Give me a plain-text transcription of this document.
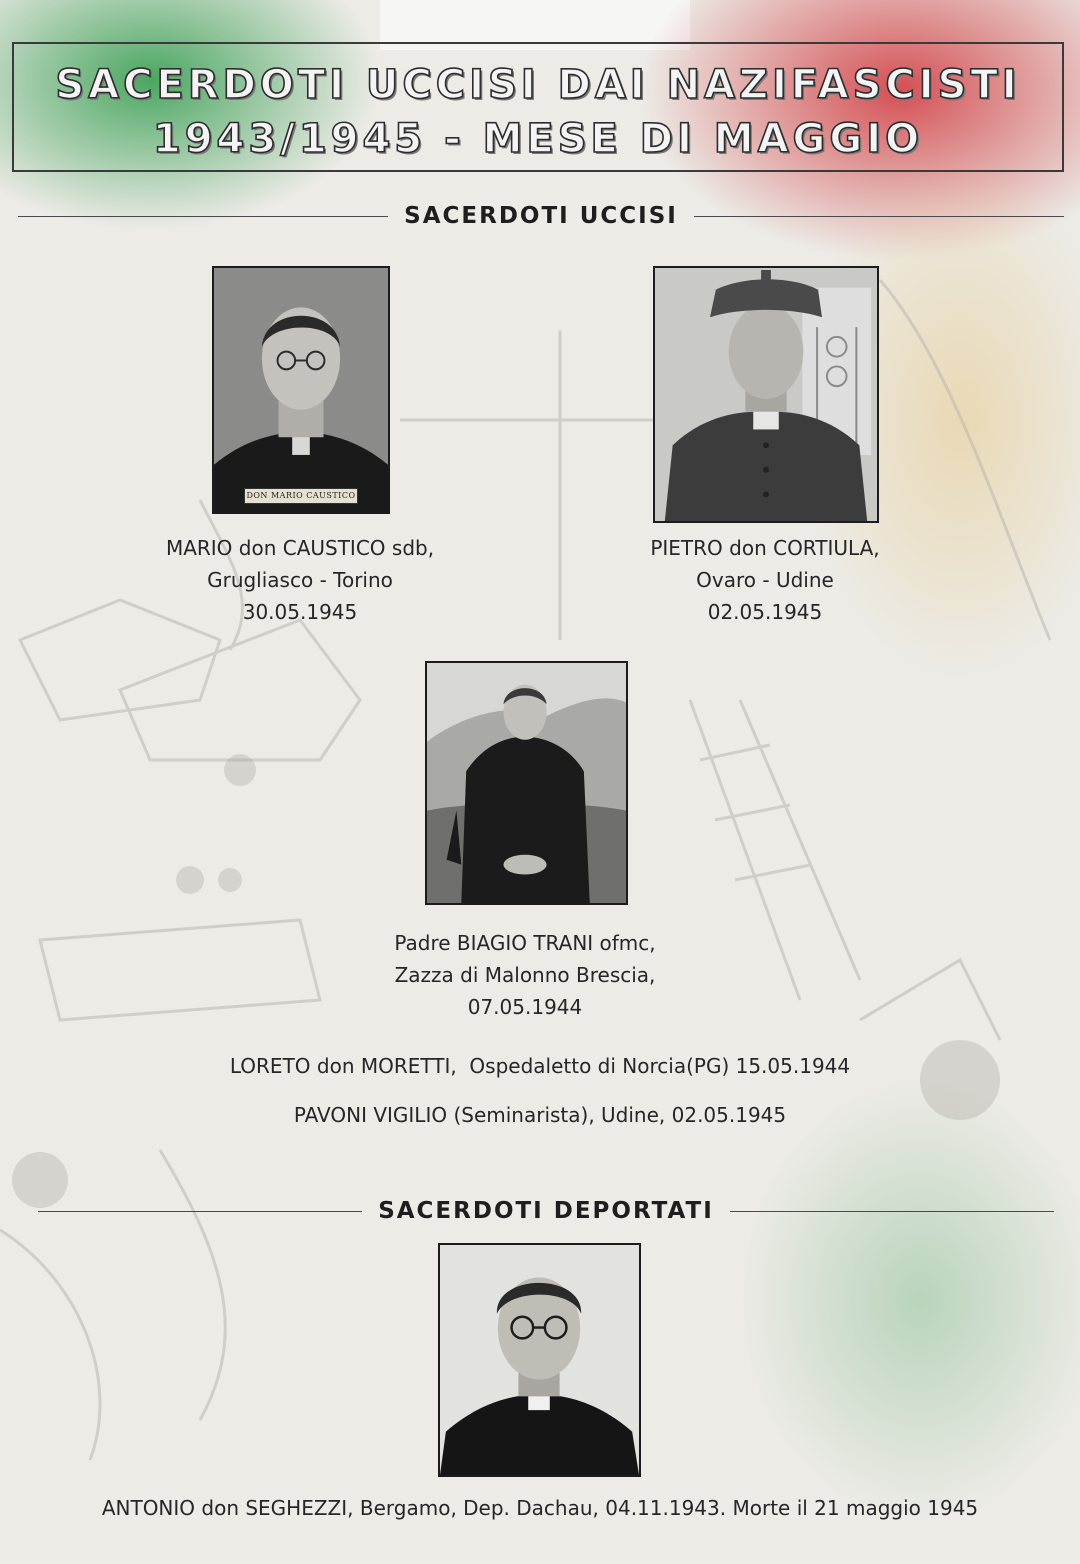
SACERDOTI UCCISI DAI NAZIFASCISTI
1943/1945 - MESE DI MAGGIO
SACERDOTI UCCISI
DON MARIO CAUSTICO
MARIO don CAUSTICO sdb,
Grugliasco - Torino
30.05.1945
PIETRO don CORTIULA,
Ovaro - Udine
02.05.1945
Padre BIAGIO TRANI ofmc,
Zazza di Malonno Brescia,
07.05.1944
LORETO don MORETTI,  Ospedaletto di Norcia(PG) 15.05.1944
PAVONI VIGILIO (Seminarista), Udine, 02.05.1945
SACERDOTI DEPORTATI
ANTONIO don SEGHEZZI, Bergamo, Dep. Dachau, 04.11.1943. Morte il 21 maggio 1945
